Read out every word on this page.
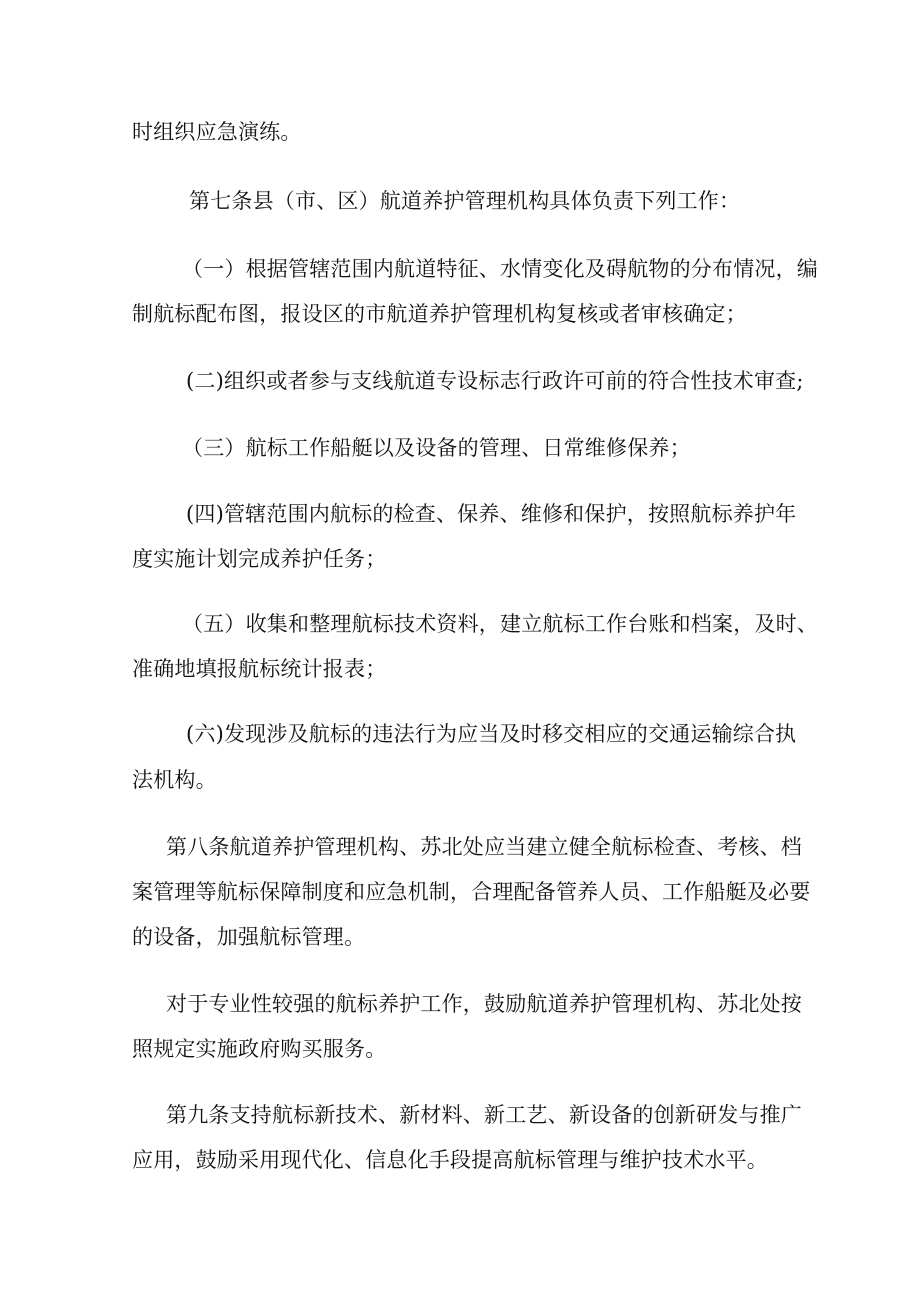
时组织应急演练。
第七条县（市、区）航道养护管理机构具体负责下列工作：
（一）根据管辖范围内航道特征、水情变化及碍航物的分布情况，编
制航标配布图，报设区的市航道养护管理机构复核或者审核确定；
(二)组织或者参与支线航道专设标志行政许可前的符合性技术审查;
（三）航标工作船艇以及设备的管理、日常维修保养；
(四)管辖范围内航标的检查、保养、维修和保护，按照航标养护年
度实施计划完成养护任务；
（五）收集和整理航标技术资料，建立航标工作台账和档案，及时、
准确地填报航标统计报表；
(六)发现涉及航标的违法行为应当及时移交相应的交通运输综合执
法机构。
第八条航道养护管理机构、苏北处应当建立健全航标检查、考核、档
案管理等航标保障制度和应急机制，合理配备管养人员、工作船艇及必要
的设备，加强航标管理。
对于专业性较强的航标养护工作，鼓励航道养护管理机构、苏北处按
照规定实施政府购买服务。
第九条支持航标新技术、新材料、新工艺、新设备的创新研发与推广
应用，鼓励采用现代化、信息化手段提高航标管理与维护技术水平。
